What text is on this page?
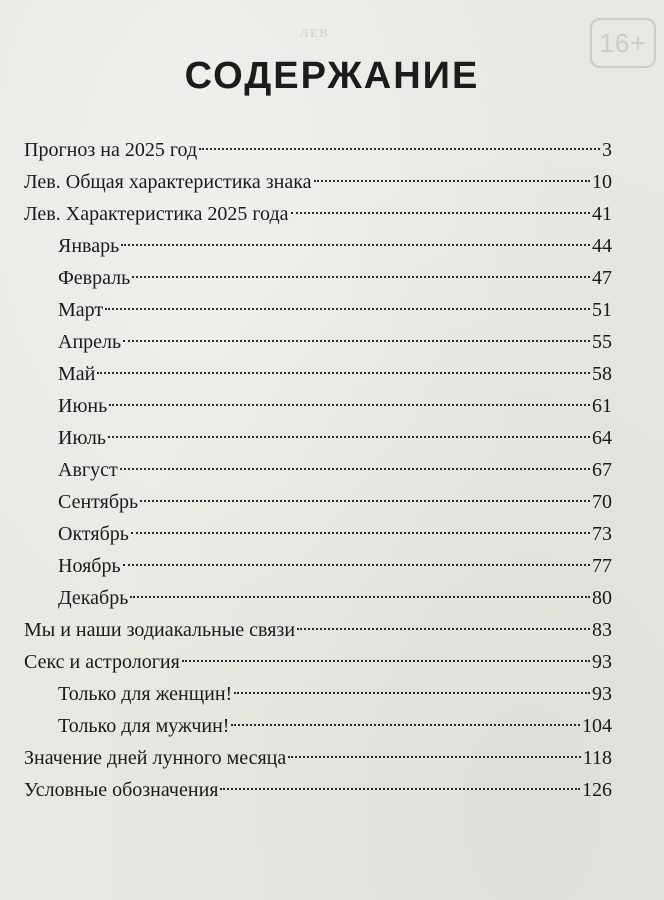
ЛЕВ	16+
СОДЕРЖАНИЕ
Прогноз на 2025 год	3
Лев. Общая характеристика знака	10
Лев. Характеристика 2025 года	41
Январь	44
Февраль	47
Март	51
Апрель	55
Май	58
Июнь	61
Июль	64
Август	67
Сентябрь	70
Октябрь	73
Ноябрь	77
Декабрь	80
Мы и наши зодиакальные связи	83
Секс и астрология	93
Только для женщин!	93
Только для мужчин!	104
Значение дней лунного месяца	118
Условные обозначения	126
